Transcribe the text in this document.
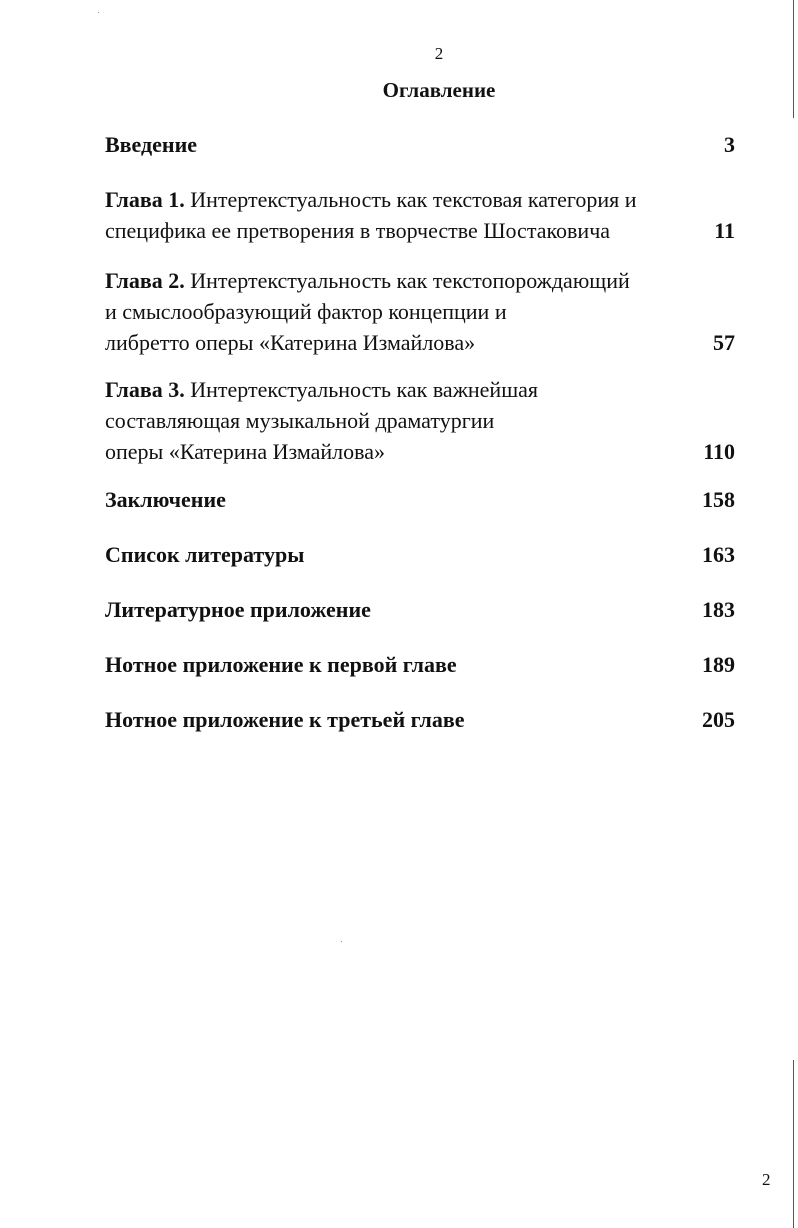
2
Оглавление
Введение	3
Глава 1. Интертекстуальность как текстовая категория и
специфика ее претворения в творчестве Шостаковича	11
Глава 2. Интертекстуальность как текстопорождающий
и смыслообразующий фактор концепции и
либретто оперы «Катерина Измайлова»	57
Глава 3. Интертекстуальность как важнейшая
составляющая музыкальной драматургии
оперы «Катерина Измайлова»	110
Заключение	158
Список литературы	163
Литературное приложение	183
Нотное приложение к первой главе	189
Нотное приложение к третьей главе	205
2
